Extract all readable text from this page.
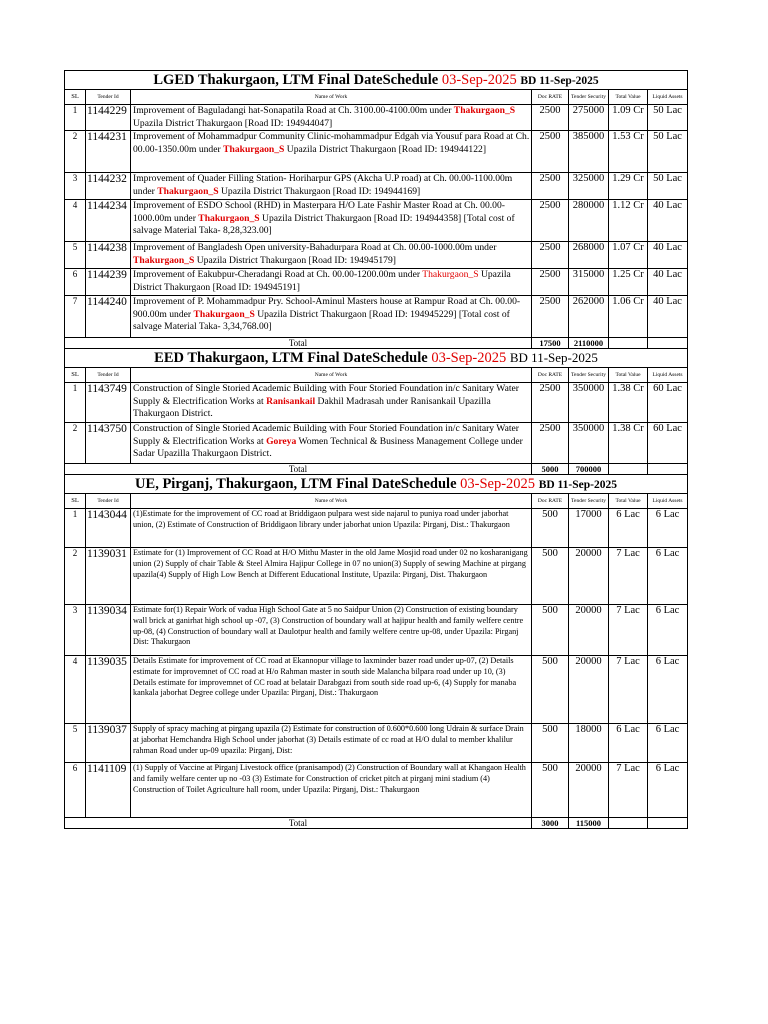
LGED Thakurgaon, LTM Final DateSchedule 03-Sep-2025 BD 11-Sep-2025						
SL	Tender Id	Name of Work	Doc RATE	Tender Security	Total Value	Liquid Assets
1	1144229	Improvement of Baguladangi hat-Sonapatila Road at Ch. 3100.00-4100.00m under Thakurgaon_S Upazila District Thakurgaon [Road ID: 194944047]	2500	275000	1.09 Cr	50 Lac
2	1144231	Improvement of Mohammadpur Community Clinic-mohammadpur Edgah via Yousuf para Road at Ch. 00.00-1350.00m under Thakurgaon_S Upazila District Thakurgaon [Road ID: 194944122]	2500	385000	1.53 Cr	50 Lac
3	1144232	Improvement of Quader Filling Station- Horiharpur GPS (Akcha U.P road) at Ch. 00.00-1100.00m under Thakurgaon_S Upazila District Thakurgaon [Road ID: 194944169]	2500	325000	1.29 Cr	50 Lac
4	1144234	Improvement of ESDO School (RHD) in Masterpara H/O Late Fashir Master Road at Ch. 00.00-1000.00m under Thakurgaon_S Upazila District Thakurgaon [Road ID: 194944358] [Total cost of salvage Material Taka- 8,28,323.00]	2500	280000	1.12 Cr	40 Lac
5	1144238	Improvement of Bangladesh Open university-Bahadurpara Road at Ch. 00.00-1000.00m under Thakurgaon_S Upazila District Thakurgaon [Road ID: 194945179]	2500	268000	1.07 Cr	40 Lac
6	1144239	Improvement of Eakubpur-Cheradangi Road at Ch. 00.00-1200.00m under Thakurgaon_S Upazila District Thakurgaon [Road ID: 194945191]	2500	315000	1.25 Cr	40 Lac
7	1144240	Improvement of P. Mohammadpur Pry. School-Aminul Masters house at Rampur Road at Ch. 00.00-900.00m under Thakurgaon_S Upazila District Thakurgaon [Road ID: 194945229] [Total cost of salvage Material Taka- 3,34,768.00]	2500	262000	1.06 Cr	40 Lac
Total			17500	2110000		
EED Thakurgaon, LTM Final DateSchedule 03-Sep-2025 BD 11-Sep-2025						
SL	Tender Id	Name of Work	Doc RATE	Tender Security	Total Value	Liquid Assets
1	1143749	Construction of Single Storied Academic Building with Four Storied Foundation in/c Sanitary Water Supply & Electrification Works at Ranisankail Dakhil Madrasah under Ranisankail Upazilla Thakurgaon District.	2500	350000	1.38 Cr	60 Lac
2	1143750	Construction of Single Storied Academic Building with Four Storied Foundation in/c Sanitary Water Supply & Electrification Works at Goreya Women Technical & Business Management College under Sadar Upazilla Thakurgaon District.	2500	350000	1.38 Cr	60 Lac
Total			5000	700000		
UE, Pirganj, Thakurgaon, LTM Final DateSchedule 03-Sep-2025 BD 11-Sep-2025						
SL	Tender Id	Name of Work	Doc RATE	Tender Security	Total Value	Liquid Assets
1	1143044	(1)Estimate for the improvement of CC road at Briddigaon pulpara west side najarul to puniya road under jaborhat union, (2) Estimate of Construction of Briddigaon library under jaborhat union Upazila: Pirganj, Dist.: Thakurgaon	500	17000	6 Lac	6 Lac
2	1139031	Estimate for (1) Improvement of CC Road at H/O Mithu Master in the old Jame Mosjid road under 02 no kosharanigang union (2) Supply of chair Table & Steel Almira Hajipur College in 07 no union(3) Supply of sewing Machine at pirgang upazila(4) Supply of High Low Bench at Different Educational Institute, Upazila: Pirganj, Dist. Thakurgaon	500	20000	7 Lac	6 Lac
3	1139034	Estimate for(1) Repair Work of vadua High School Gate at 5 no Saidpur Union (2) Construction of existing boundary wall brick at ganirhat high school up -07, (3) Construction of boundary wall at hajipur health and family welfere centre up-08, (4) Construction of boundary wall at Daulotpur health and family welfere centre up-08, under Upazila: Pirganj Dist: Thakurgaon	500	20000	7 Lac	6 Lac
4	1139035	Details Estimate for improvement of CC road at Ekannopur village to laxminder bazer road under up-07, (2) Details estimate for improvemnet of CC road at H/o Rahman master in south side Malancha bilpara road under up 10, (3) Details estimate for improvemnet of CC road at belatair Darabgazi from south side road up-6, (4) Supply for manaba kankala jaborhat Degree college under Upazila: Pirganj, Dist.: Thakurgaon	500	20000	7 Lac	6 Lac
5	1139037	Supply of spracy maching at pirgang upazila (2) Estimate for construction of 0.600*0.600 long Udrain & surface Drain at jaborhat Hemchandra High School under jaborhat (3) Details estimate of cc road at H/O dulal to member khalilur rahman Road under up-09 upazila: Pirganj, Dist:	500	18000	6 Lac	6 Lac
6	1141109	(1) Supply of Vaccine at Pirganj Livestock office (pranisampod) (2) Construction of Boundary wall at Khangaon Health and family welfare center up no -03 (3) Estimate for Construction of cricket pitch at pirganj mini stadium (4) Construction of Toilet Agriculture hall room, under Upazila: Pirganj, Dist.: Thakurgaon	500	20000	7 Lac	6 Lac
Total			3000	115000		
